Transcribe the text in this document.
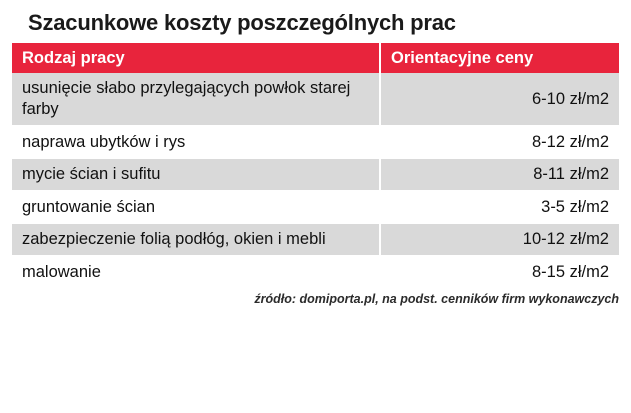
Szacunkowe koszty poszczególnych prac
Rodzaj pracy	Orientacyjne ceny
usunięcie słabo przylegających powłok starej farby	6-10 zł/m2
naprawa ubytków i rys	8-12 zł/m2
mycie ścian i sufitu	8-11 zł/m2
gruntowanie ścian	3-5 zł/m2
zabezpieczenie folią podłóg, okien i mebli	10-12 zł/m2
malowanie	8-15 zł/m2
źródło: domiporta.pl, na podst. cenników firm wykonawczych
